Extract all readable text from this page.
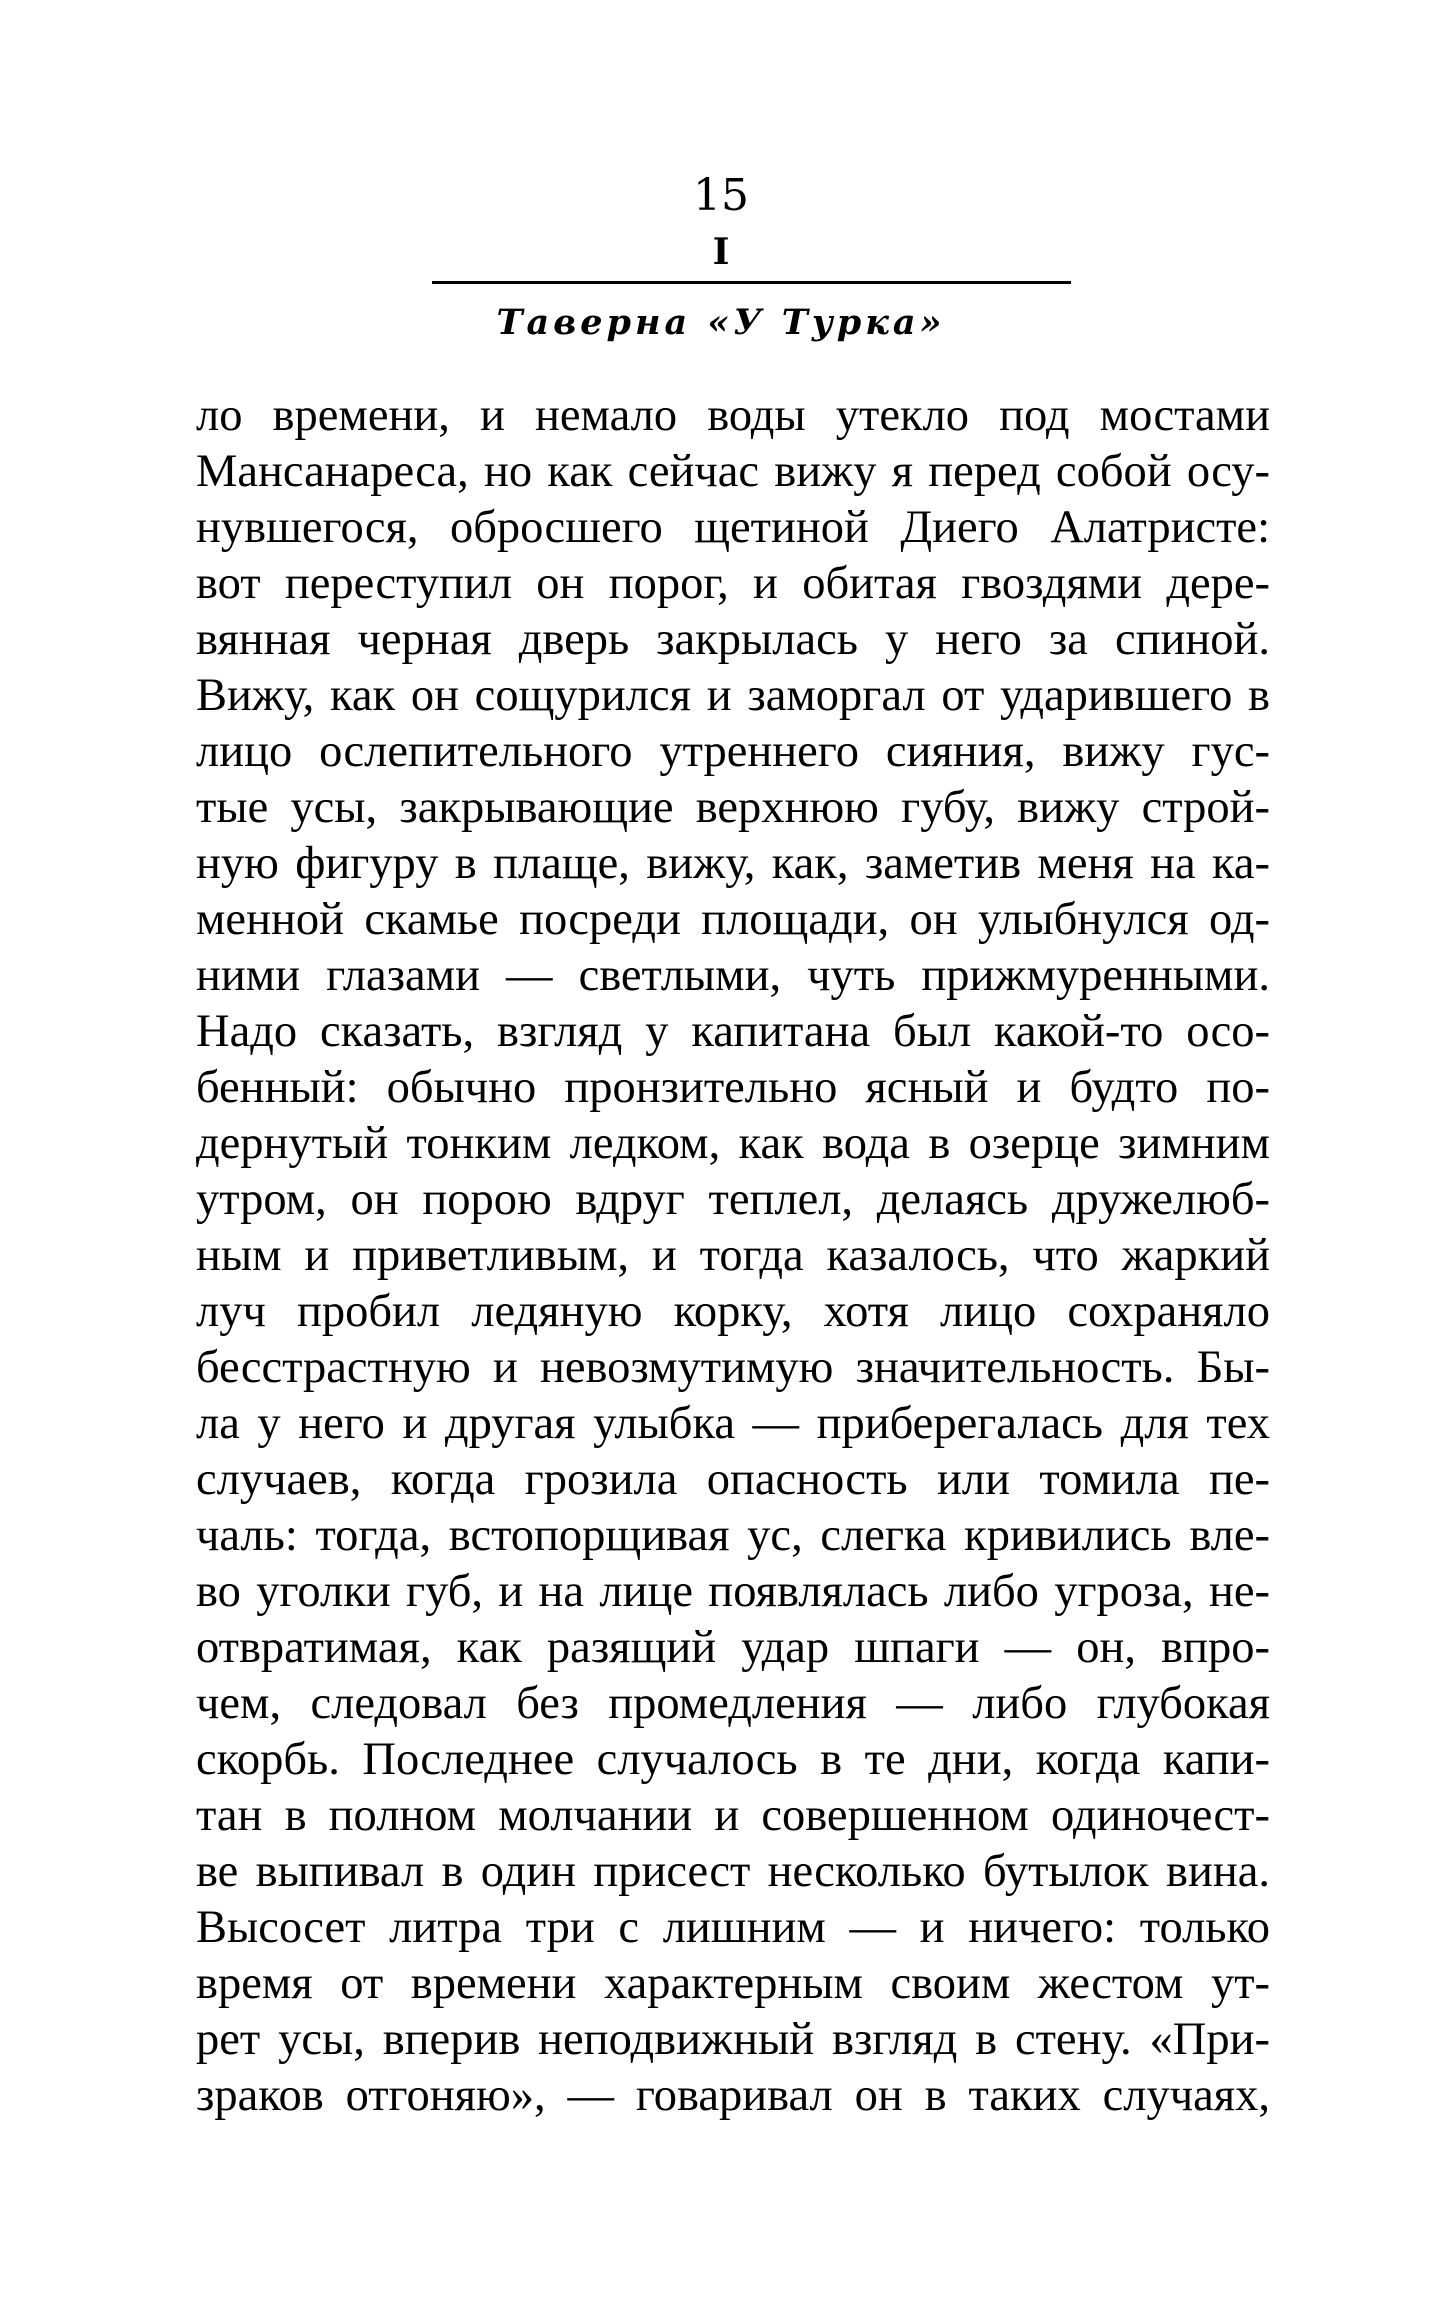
15
I
Таверна «У Турка»
ло времени, и немало воды утекло под мостами
Мансанареса, но как сейчас вижу я перед собой осу-
нувшегося, обросшего щетиной Диего Алатристе:
вот переступил он порог, и обитая гвоздями дере-
вянная черная дверь закрылась у него за спиной.
Вижу, как он сощурился и заморгал от ударившего в
лицо ослепительного утреннего сияния, вижу гус-
тые усы, закрывающие верхнюю губу, вижу строй-
ную фигуру в плаще, вижу, как, заметив меня на ка-
менной скамье посреди площади, он улыбнулся од-
ними глазами — светлыми, чуть прижмуренными.
Надо сказать, взгляд у капитана был какой-то осо-
бенный: обычно пронзительно ясный и будто по-
дернутый тонким ледком, как вода в озерце зимним
утром, он порою вдруг теплел, делаясь дружелюб-
ным и приветливым, и тогда казалось, что жаркий
луч пробил ледяную корку, хотя лицо сохраняло
бесстрастную и невозмутимую значительность. Бы-
ла у него и другая улыбка — приберегалась для тех
случаев, когда грозила опасность или томила пе-
чаль: тогда, встопорщивая ус, слегка кривились вле-
во уголки губ, и на лице появлялась либо угроза, не-
отвратимая, как разящий удар шпаги — он, впро-
чем, следовал без промедления — либо глубокая
скорбь. Последнее случалось в те дни, когда капи-
тан в полном молчании и совершенном одиночест-
ве выпивал в один присест несколько бутылок вина.
Высосет литра три с лишним — и ничего: только
время от времени характерным своим жестом ут-
рет усы, вперив неподвижный взгляд в стену. «При-
зраков отгоняю», — говаривал он в таких случаях,
